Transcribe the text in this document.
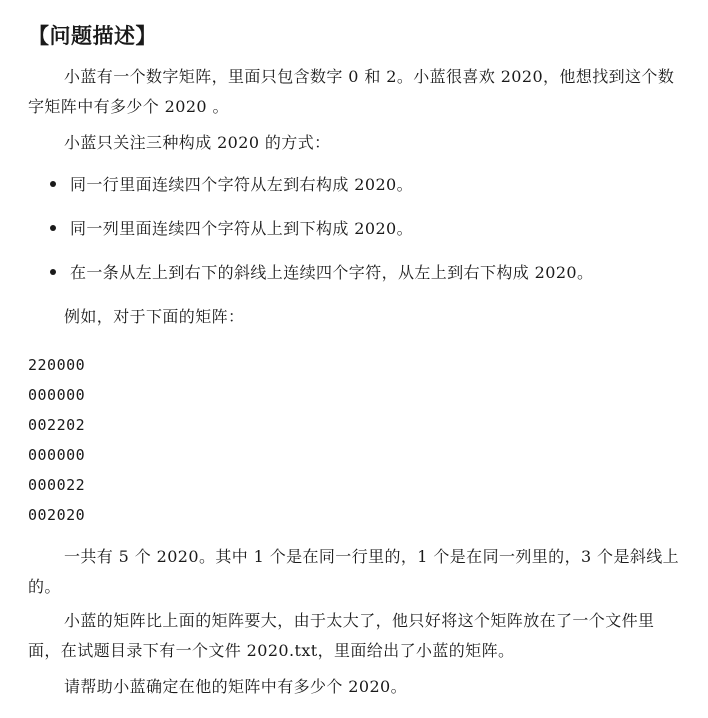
【问题描述】

小蓝有一个数字矩阵，里面只包含数字 0 和 2。小蓝很喜欢 2020，他想找到这个数字矩阵中有多少个 2020 。

小蓝只关注三种构成 2020 的方式：

同一行里面连续四个字符从左到右构成 2020。
同一列里面连续四个字符从上到下构成 2020。
在一条从左上到右下的斜线上连续四个字符，从左上到右下构成 2020。

例如，对于下面的矩阵：

220000
000000
002202
000000
000022
002020

一共有 5 个 2020。其中 1 个是在同一行里的，1 个是在同一列里的，3 个是斜线上的。

小蓝的矩阵比上面的矩阵要大，由于太大了，他只好将这个矩阵放在了一个文件里面，在试题目录下有一个文件 2020.txt，里面给出了小蓝的矩阵。

请帮助小蓝确定在他的矩阵中有多少个 2020。
